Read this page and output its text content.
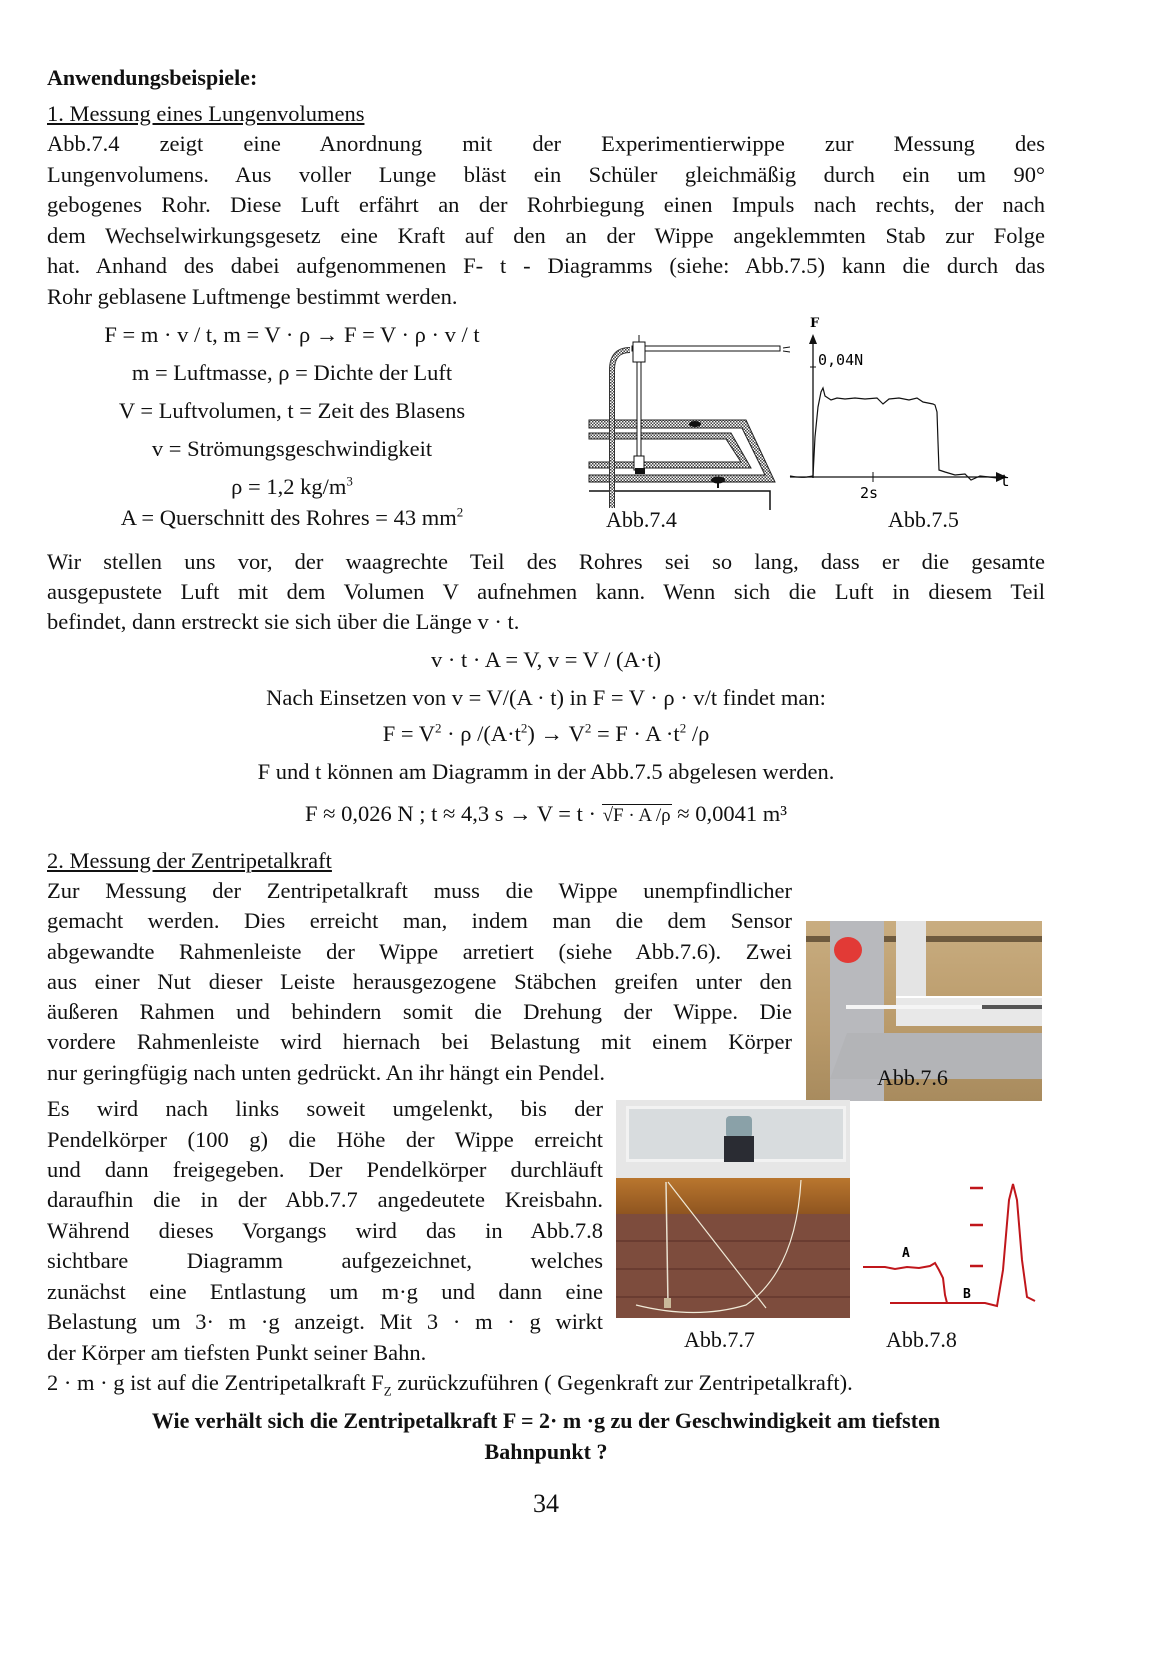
Anwendungsbeispiele:
1. Messung eines Lungenvolumens
Abb.7.4 zeigt eine Anordnung mit der Experimentierwippe zur Messung des
Lungenvolumens. Aus voller Lunge bläst ein Schüler gleichmäßig durch ein um 90°
gebogenes Rohr. Diese Luft erfährt an der Rohrbiegung einen Impuls nach rechts, der nach
dem Wechselwirkungsgesetz eine Kraft auf den an der Wippe angeklemmten Stab zur Folge
hat. Anhand des dabei aufgenommenen F- t - Diagramms (siehe: Abb.7.5) kann die durch das
Rohr geblasene Luftmenge bestimmt werden.
F = m · v / t, m = V · ρ → F = V · ρ · v / t
m = Luftmasse, ρ = Dichte der Luft
V = Luftvolumen, t = Zeit des Blasens
v = Strömungsgeschwindigkeit
ρ = 1,2 $kg/m^3$
A = Querschnitt des Rohres = 43 $mm^2$
F
0,04N
t
2s
Abb.7.4	Abb.7.5
Wir stellen uns vor, der waagrechte Teil des Rohres sei so lang, dass er die gesamte
ausgepustete Luft mit dem Volumen V aufnehmen kann. Wenn sich die Luft in diesem Teil
befindet, dann erstreckt sie sich über die Länge v · t.
v · t · A = V, v = V / (A·t)
Nach Einsetzen von v = V/(A · t) in F = V · ρ · v/t findet man:
$F = V^2 \cdot \rho$ $/(A\cdot t^2) \to V^2 = F \cdot A \cdot t^2$ /ρ
F und t können am Diagramm in der Abb.7.5 abgelesen werden.
F ≈ 0,026 N ; t ≈ 4,3 s → V = t · √F · A /ρ ≈ 0,0041 m³
2. Messung der Zentripetalkraft
Zur Messung der Zentripetalkraft muss die Wippe unempfindlicher
gemacht werden. Dies erreicht man, indem man die dem Sensor
abgewandte Rahmenleiste der Wippe arretiert (siehe Abb.7.6). Zwei
aus einer Nut dieser Leiste herausgezogene Stäbchen greifen unter den
äußeren Rahmen und behindern somit die Drehung der Wippe. Die
vordere Rahmenleiste wird hiernach bei Belastung mit einem Körper
nur geringfügig nach unten gedrückt. An ihr hängt ein Pendel.	Abb.7.6
Es wird nach links soweit umgelenkt, bis der
Pendelkörper (100 g) die Höhe der Wippe erreicht
und dann freigegeben. Der Pendelkörper durchläuft
daraufhin die in der Abb.7.7 angedeutete Kreisbahn.
Während dieses Vorgangs wird das in Abb.7.8
sichtbare Diagramm aufgezeichnet, welches
zunächst eine Entlastung um m·g und dann eine
Belastung um 3· m ·g anzeigt. Mit 3 · m · g wirkt
der Körper am tiefsten Punkt seiner Bahn.
A
B
Abb.7.7	Abb.7.8
2 · m · g ist auf die Zentripetalkraft $F_Z$ zurückzuführen ( Gegenkraft zur Zentripetalkraft).
Wie verhält sich die Zentripetalkraft F = 2· m ·g zu der Geschwindigkeit am tiefsten
Bahnpunkt ?
34
